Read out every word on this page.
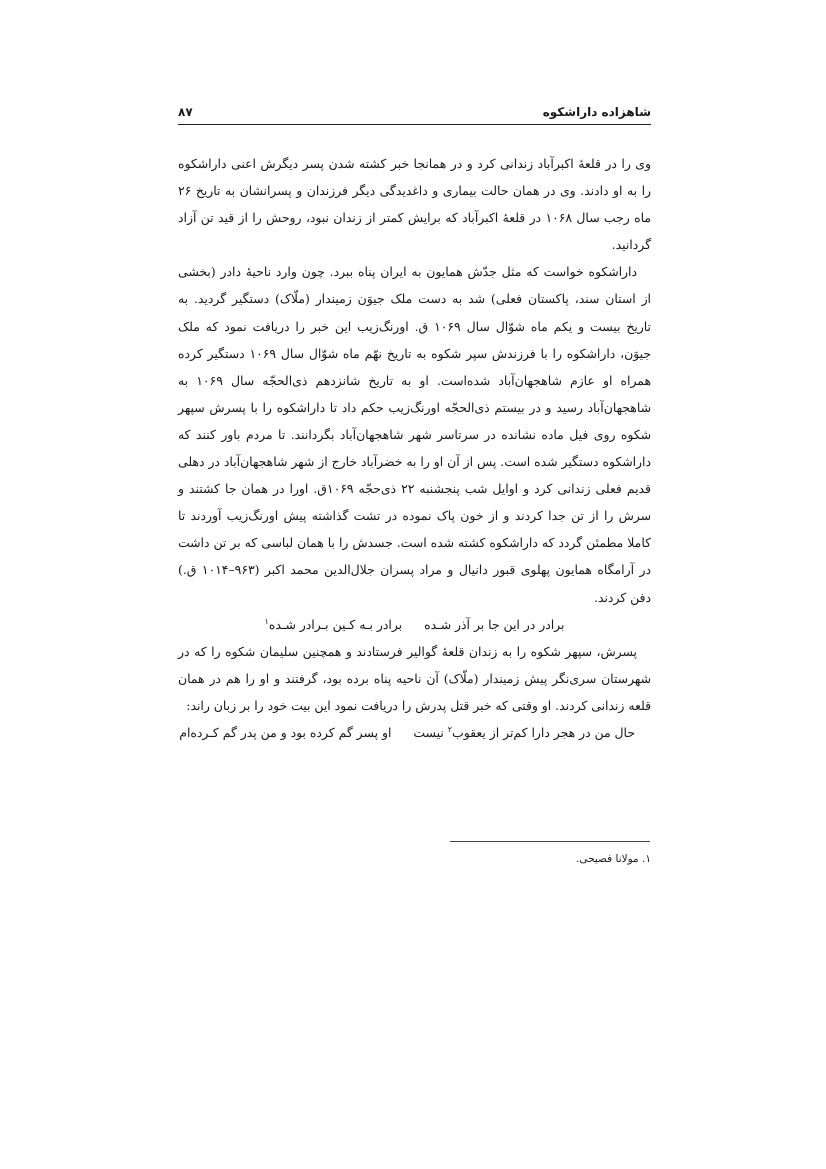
شاهزاده داراشکوه
۸۷

وی را در قلعۀ اکبرآباد زندانی کرد و در همانجا خبر کشته شدن پسر دیگرش اعنی داراشکوه را به او دادند. وی در همان حالت بیماری و داغدیدگی دیگر فرزندان و پسرانشان به تاریخ ۲۶ ماه رجب سال ۱۰۶۸ در قلعۀ اکبرآباد که برایش کمتر از زندان نبود، روحش را از قید تن آزاد گردانید.

داراشکوه خواست که مثل جدّش همایون به ایران پناه ببرد. چون وارد ناحیۀ دادر (بخشی از استان سند، پاکستان فعلی) شد به دست ملک جیوَن زمیندار (ملّاک) دستگیر گردید. به تاریخ بیست و یکم ماه شوّال سال ۱۰۶۹ ق. اورنگ‌زیب این خبر را دریافت نمود که ملک جیوَن، داراشکوه را با فرزندش سپر شکوه به تاریخ نهّم ماه شوّال سال ۱۰۶۹ دستگیر کرده همراه او عازم شاهجهان‌آباد شده‌است. او به تاریخ شانزدهم ذی‌الحجّه سال ۱۰۶۹ به شاهجهان‌آباد رسید و در بیستم ذی‌الحجّه اورنگ‌زیب حکم داد تا داراشکوه را با پسرش سپهر شکوه روی فیل ماده نشانده در سرتاسر شهر شاهجهان‌آباد بگردانند. تا مردم باور کنند که داراشکوه دستگیر شده است. پس از آن او را به خضرآباد خارج از شهر شاهجهان‌آباد در دهلی قدیم فعلی زندانی کرد و اوایل شب پنجشنبه ۲۲ ذی‌حجّه ۱۰۶۹ق. اورا در همان جا کشتند و سرش را از تن جدا کردند و از خون پاک نموده در تشت گذاشته پیش اورنگ‌زیب آوردند تا کاملا مطمئن گردد که داراشکوه کشته شده است. جسدش را با همان لباسی که بر تن داشت در آرامگاه همایون پهلوی قبور دانیال و مراد پسران جلال‌الدین محمد اکبر (۹۶۳–۱۰۱۴ ق.) دفن کردند.

برادر در این جا بر آذر شـده
برادر بـه کـین بـرادر شـده$^۱$

پسرش، سپهر شکوه را به زندان قلعۀ گوالیر فرستادند و همچنین سلیمان شکوه را که در شهرستان سری‌نگر پیش زمیندار (ملّاک) آن ناحیه پناه برده بود، گرفتند و او را هم در همان قلعه زندانی کردند. او وقتی که خبر قتل پدرش را دریافت نمود این بیت خود را بر زبان راند:

حال من در هجر دارا کم‌تر از یعقوب$^۲$ نیست
او پسر گم کرده بود و من پدر گم کـرده‌ام
۱. مولانا فصیحی.
